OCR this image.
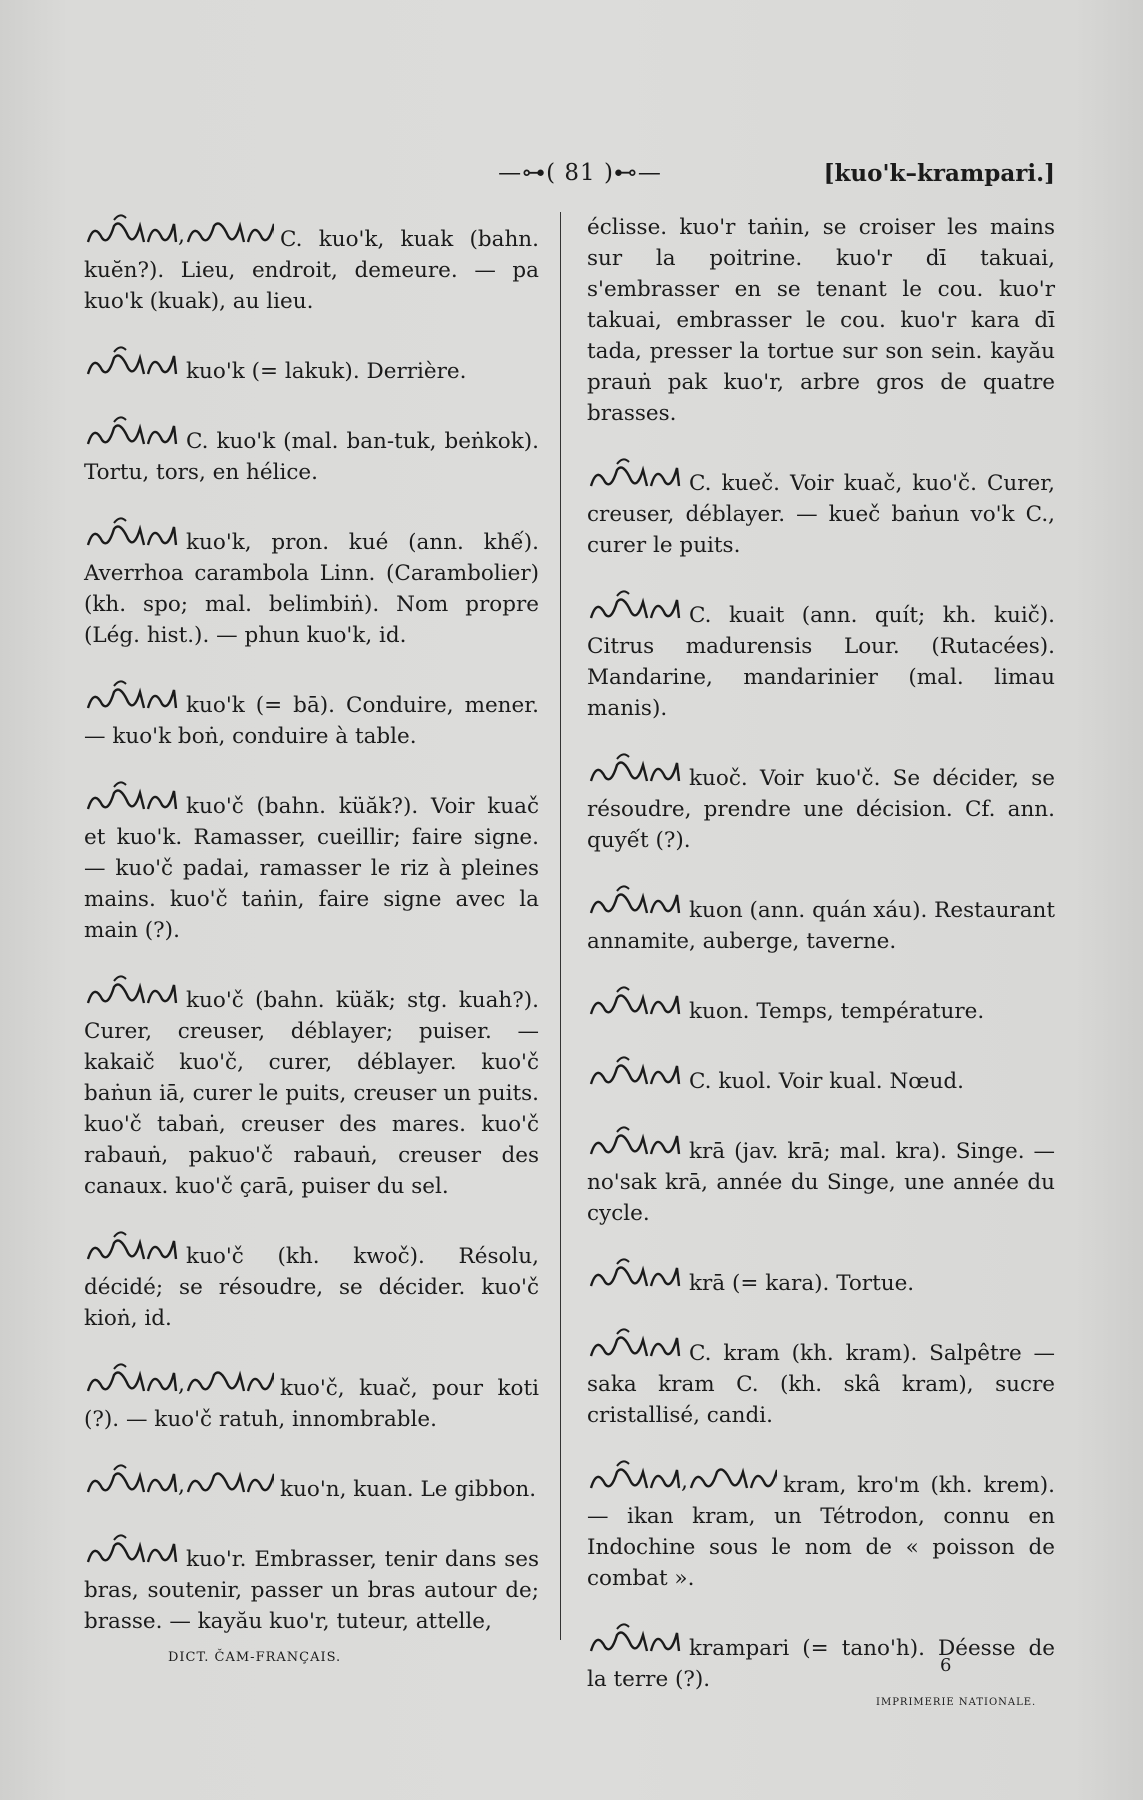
—⊶( 81 )⊷—	[kuo'k–krampari.]

,	C. kuo'k, kuak (bahn. kuĕn?). Lieu, endroit, demeure. — pa kuo'k (kuak), au lieu.

kuo'k (= lakuk). Derrière.

C. kuo'k (mal. ban-tuk, beṅkok). Tortu, tors, en hélice.

kuo'k, pron. kué (ann. khế). Averrhoa carambola Linn. (Carambolier) (kh. spo; mal. belimbiṅ). Nom propre (Lég. hist.). — phun kuo'k, id.

kuo'k (= bā). Conduire, mener. — kuo'k boṅ, conduire à table.

kuo'č (bahn. küăk?). Voir kuač et kuo'k. Ramasser, cueillir; faire signe. — kuo'č padai, ramasser le riz à pleines mains. kuo'č taṅin, faire signe avec la main (?).

kuo'č (bahn. küăk; stg. kuah?). Curer, creuser, déblayer; puiser. — kakaič kuo'č, curer, déblayer. kuo'č baṅun iā, curer le puits, creuser un puits. kuo'č tabaṅ, creuser des mares. kuo'č rabauṅ, pakuo'č rabauṅ, creuser des canaux. kuo'č çarā, puiser du sel.

kuo'č (kh. kwoč). Résolu, décidé; se résoudre, se décider. kuo'č kioṅ, id.

,	kuo'č, kuač, pour koti (?). — kuo'č ratuh, innombrable.

,	kuo'n, kuan. Le gibbon.

kuo'r. Embrasser, tenir dans ses bras, soutenir, passer un bras autour de; brasse. — kayău kuo'r, tuteur, attelle,

éclisse. kuo'r taṅin, se croiser les mains sur la poitrine. kuo'r dī takuai, s'embrasser en se tenant le cou. kuo'r takuai, embrasser le cou. kuo'r kara dī tada, presser la tortue sur son sein. kayău prauṅ pak kuo'r, arbre gros de quatre brasses.

C. kueč. Voir kuač, kuo'č. Curer, creuser, déblayer. — kueč baṅun vo'k C., curer le puits.

C. kuait (ann. quít; kh. kuič). Citrus madurensis Lour. (Rutacées). Mandarine, mandarinier (mal. limau manis).

kuoč. Voir kuo'č. Se décider, se résoudre, prendre une décision. Cf. ann. quyết (?).

kuon (ann. quán xáu). Restaurant annamite, auberge, taverne.

kuon. Temps, température.

C. kuol. Voir kual. Nœud.

krā (jav. krā; mal. kra). Singe. — no'sak krā, année du Singe, une année du cycle.

krā (= kara). Tortue.

C. kram (kh. kram). Salpêtre — saka kram C. (kh. skâ kram), sucre cristallisé, candi.

,	kram, kro'm (kh. krem). — ikan kram, un Tétrodon, connu en Indochine sous le nom de « poisson de combat ».

krampari (= tano'h). Déesse de la terre (?).

DICT. ČAM-FRANÇAIS.	6
IMPRIMERIE NATIONALE.
